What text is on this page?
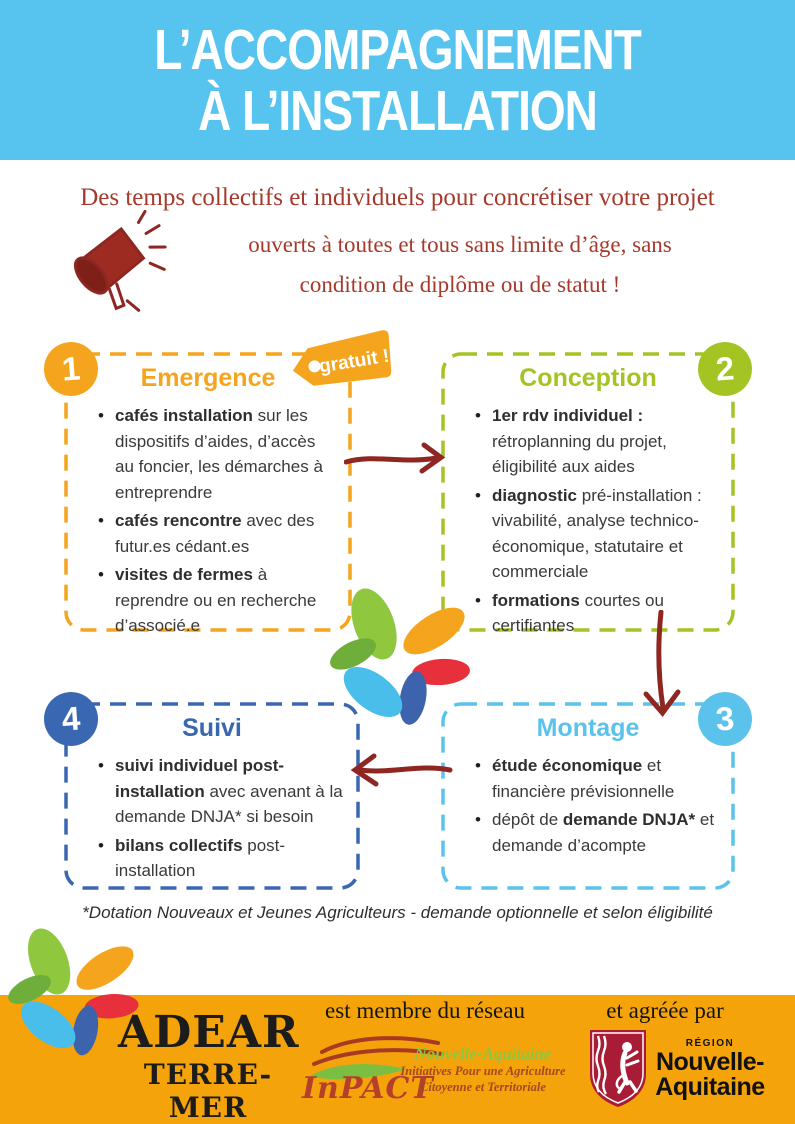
L’ACCOMPAGNEMENT
À L’INSTALLATION
Des temps collectifs et individuels pour concrétiser votre projet
ouverts à toutes et tous sans limite d’âge, sans
condition de diplôme ou de statut !
Emergence
• cafés installation sur les dispositifs d’aides, d’accès au foncier, les démarches à entreprendre
• cafés rencontre avec des futur.es cédant.es
• visites de fermes à reprendre ou en recherche d’associé.e
1	gratuit !
Conception
• 1er rdv individuel : rétroplanning du projet, éligibilité aux aides
• diagnostic pré-installation : vivabilité, analyse technico-économique, statutaire et commerciale
• formations courtes ou certifiantes
2
Montage
• étude économique et financière prévisionnelle
• dépôt de demande DNJA* et demande d’acompte
3
Suivi
• suivi individuel post-installation avec avenant à la demande DNJA* si besoin
• bilans collectifs post-installation
4
*Dotation Nouveaux et Jeunes Agriculteurs - demande optionnelle et selon éligibilité
ADEAR
TERRE-MER
est membre du réseau
InPACT
Nouvelle-Aquitaine
Initiatives Pour une Agriculture
Citoyenne et Territoriale
et agréée par
RÉGION
Nouvelle-
Aquitaine
